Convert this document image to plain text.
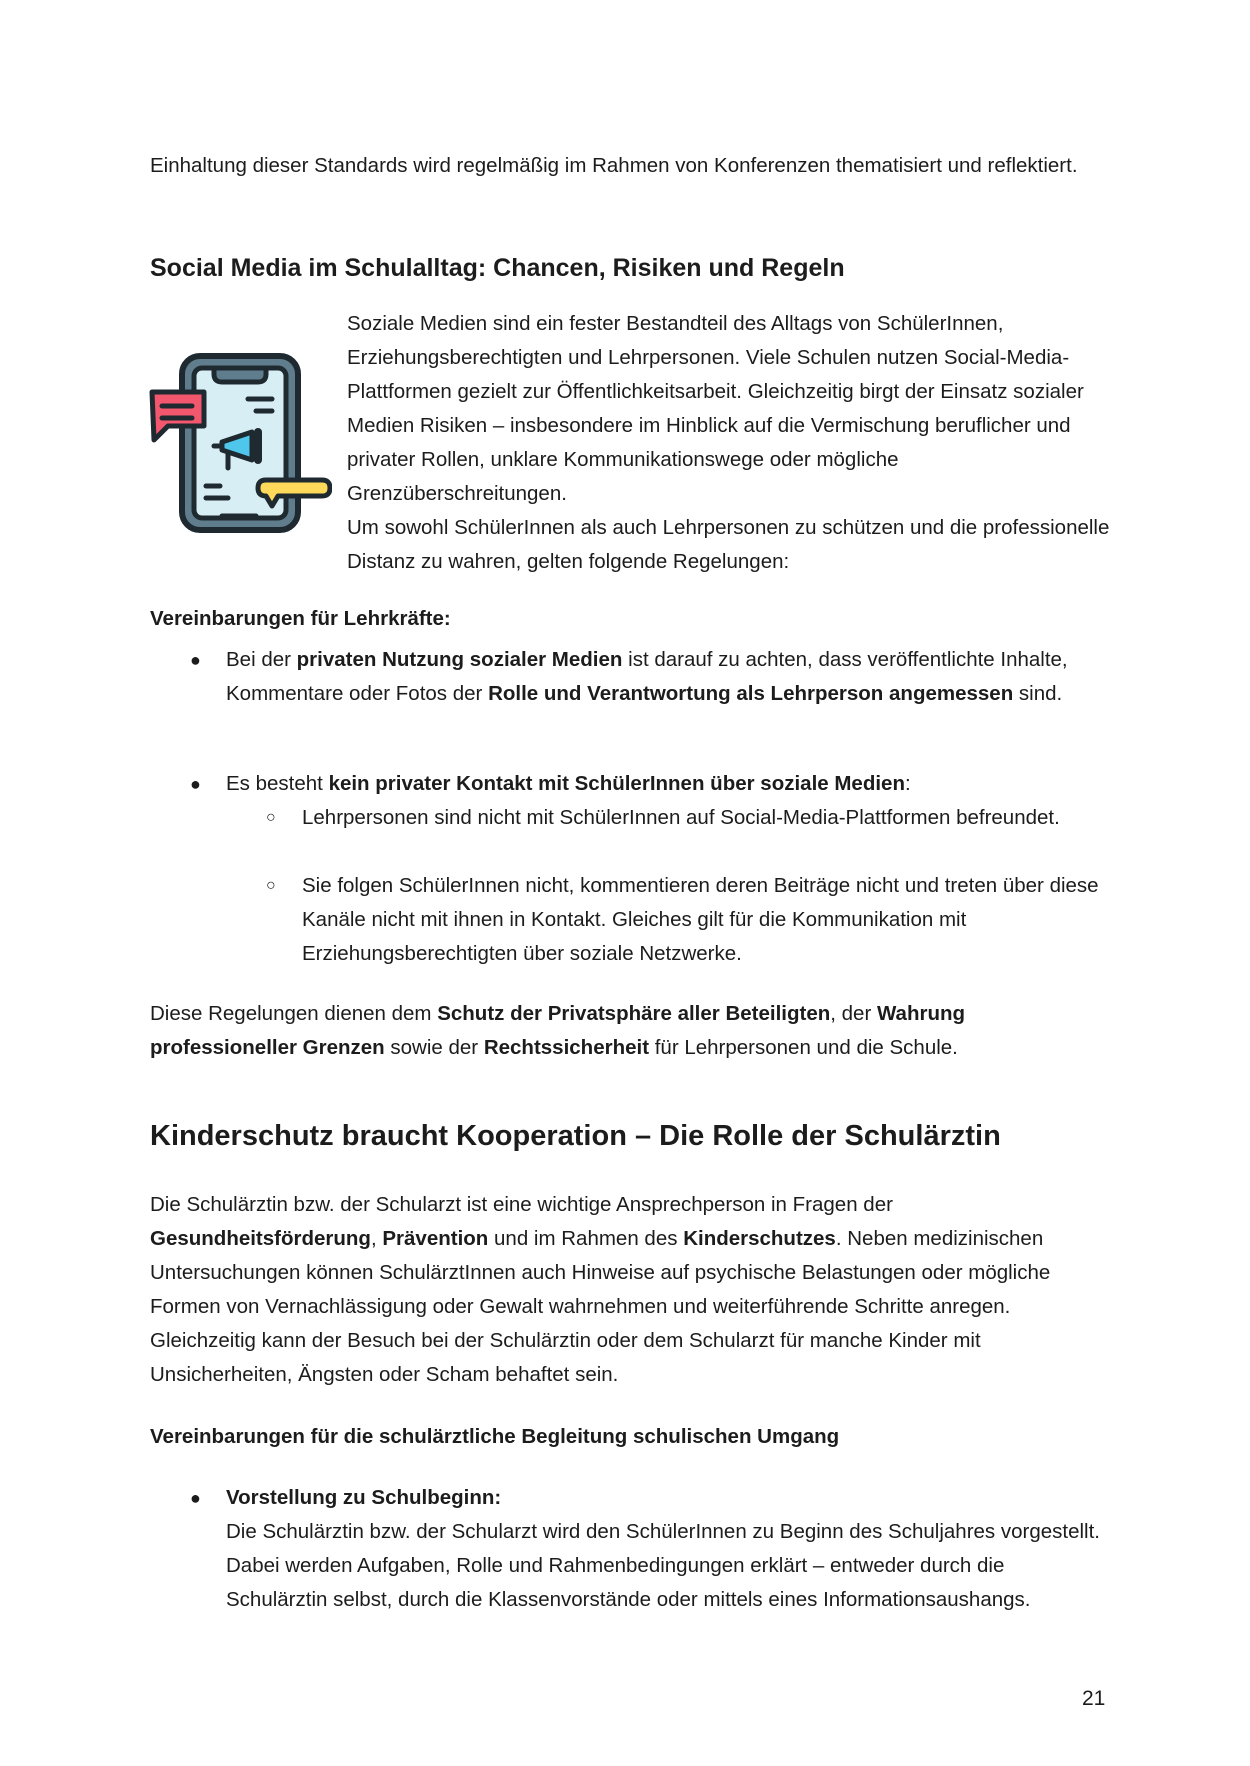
Einhaltung dieser Standards wird regelmäßig im Rahmen von Konferenzen thematisiert und reflektiert.
Social Media im Schulalltag: Chancen, Risiken und Regeln
Soziale Medien sind ein fester Bestandteil des Alltags von SchülerInnen, Erziehungsberechtigten und Lehrpersonen. Viele Schulen nutzen Social-Media-Plattformen gezielt zur Öffentlichkeitsarbeit. Gleichzeitig birgt der Einsatz sozialer Medien Risiken – insbesondere im Hinblick auf die Vermischung beruflicher und privater Rollen, unklare Kommunikationswege oder mögliche Grenzüberschreitungen.
Um sowohl SchülerInnen als auch Lehrpersonen zu schützen und die professionelle Distanz zu wahren, gelten folgende Regelungen:
Vereinbarungen für Lehrkräfte:
● Bei der privaten Nutzung sozialer Medien ist darauf zu achten, dass veröffentlichte Inhalte, Kommentare oder Fotos der Rolle und Verantwortung als Lehrperson angemessen sind.
● Es besteht kein privater Kontakt mit SchülerInnen über soziale Medien:
○ Lehrpersonen sind nicht mit SchülerInnen auf Social-Media-Plattformen befreundet.
○ Sie folgen SchülerInnen nicht, kommentieren deren Beiträge nicht und treten über diese Kanäle nicht mit ihnen in Kontakt. Gleiches gilt für die Kommunikation mit Erziehungsberechtigten über soziale Netzwerke.
Diese Regelungen dienen dem Schutz der Privatsphäre aller Beteiligten, der Wahrung professioneller Grenzen sowie der Rechtssicherheit für Lehrpersonen und die Schule.
Kinderschutz braucht Kooperation – Die Rolle der Schulärztin
Die Schulärztin bzw. der Schularzt ist eine wichtige Ansprechperson in Fragen der Gesundheitsförderung, Prävention und im Rahmen des Kinderschutzes. Neben medizinischen Untersuchungen können SchulärztInnen auch Hinweise auf psychische Belastungen oder mögliche Formen von Vernachlässigung oder Gewalt wahrnehmen und weiterführende Schritte anregen. Gleichzeitig kann der Besuch bei der Schulärztin oder dem Schularzt für manche Kinder mit Unsicherheiten, Ängsten oder Scham behaftet sein.
Vereinbarungen für die schulärztliche Begleitung schulischen Umgang
● Vorstellung zu Schulbeginn:
Die Schulärztin bzw. der Schularzt wird den SchülerInnen zu Beginn des Schuljahres vorgestellt. Dabei werden Aufgaben, Rolle und Rahmenbedingungen erklärt – entweder durch die Schulärztin selbst, durch die Klassenvorstände oder mittels eines Informationsaushangs.
21
